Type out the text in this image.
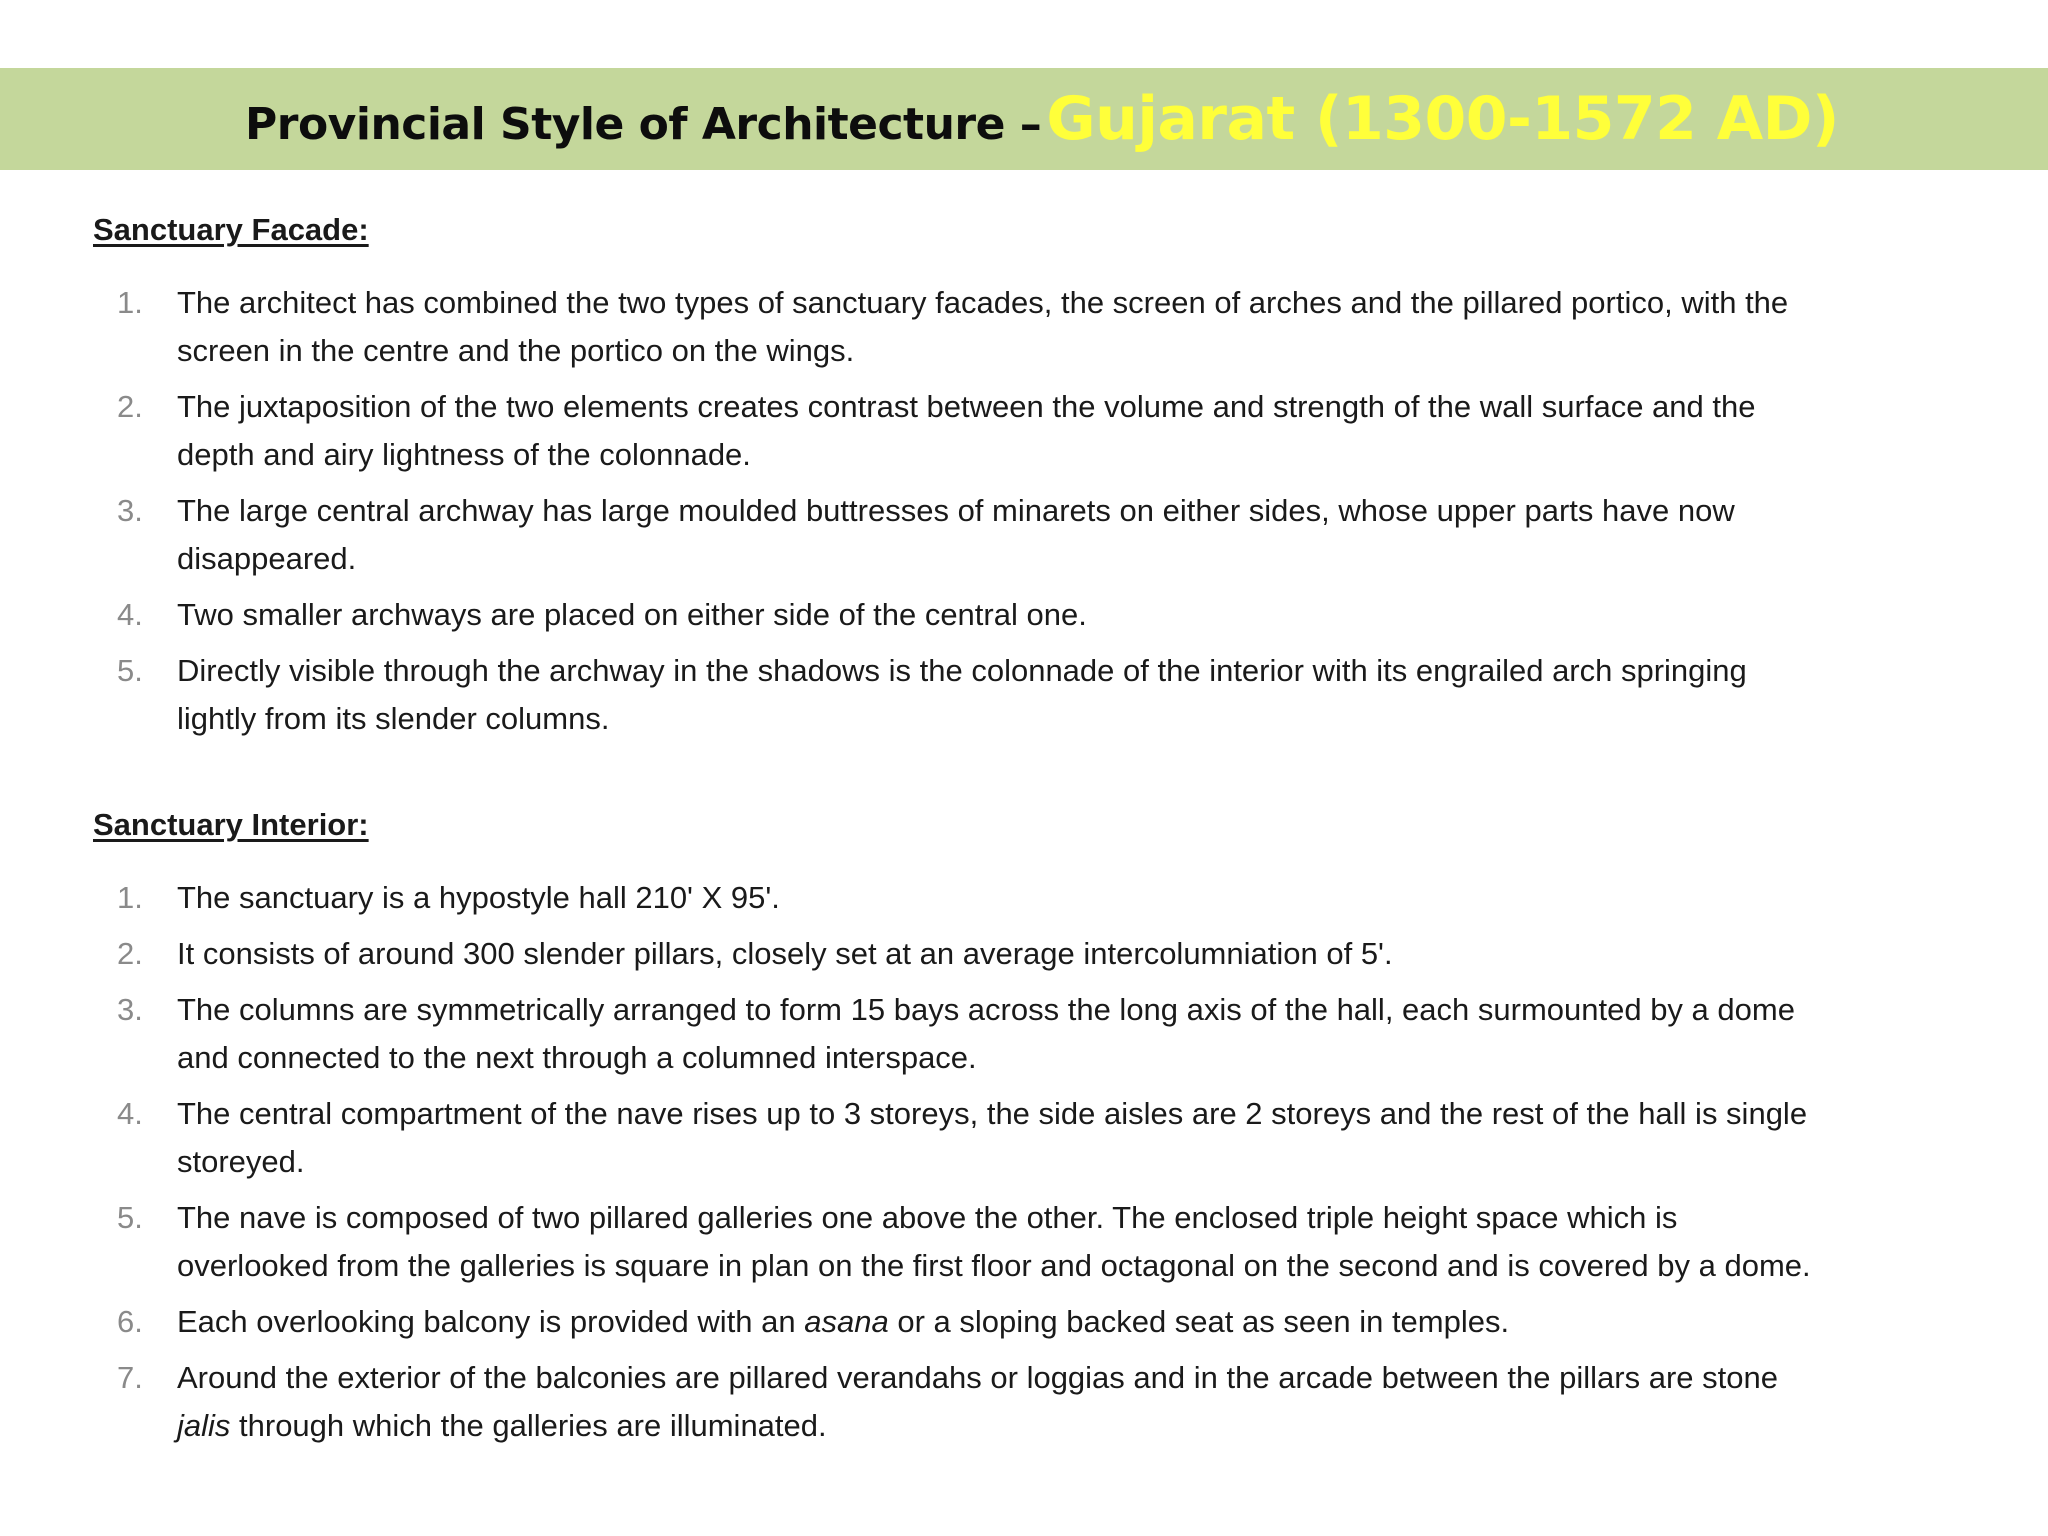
Provincial Style of Architecture – Gujarat (1300-1572 AD)
Sanctuary Facade:
1. The architect has combined the two types of sanctuary facades, the screen of arches and the pillared portico, with the screen in the centre and the portico on the wings.
2. The juxtaposition of the two elements creates contrast between the volume and strength of the wall surface and the depth and airy lightness of the colonnade.
3. The large central archway has large moulded buttresses of minarets on either sides, whose upper parts have now disappeared.
4. Two smaller archways are placed on either side of the central one.
5. Directly visible through the archway in the shadows is the colonnade of the interior with its engrailed arch springing lightly from its slender columns.
Sanctuary Interior:
1. The sanctuary is a hypostyle hall 210' X 95'.
2. It consists of around 300 slender pillars, closely set at an average intercolumniation of 5'.
3. The columns are symmetrically arranged to form 15 bays across the long axis of the hall, each surmounted by a dome and connected to the next through a columned interspace.
4. The central compartment of the nave rises up to 3 storeys, the side aisles are 2 storeys and the rest of the hall is single storeyed.
5. The nave is composed of two pillared galleries one above the other. The enclosed triple height space which is overlooked from the galleries is square in plan on the first floor and octagonal on the second and is covered by a dome.
6. Each overlooking balcony is provided with an asana or a sloping backed seat as seen in temples.
7. Around the exterior of the balconies are pillared verandahs or loggias and in the arcade between the pillars are stone jalis through which the galleries are illuminated.
